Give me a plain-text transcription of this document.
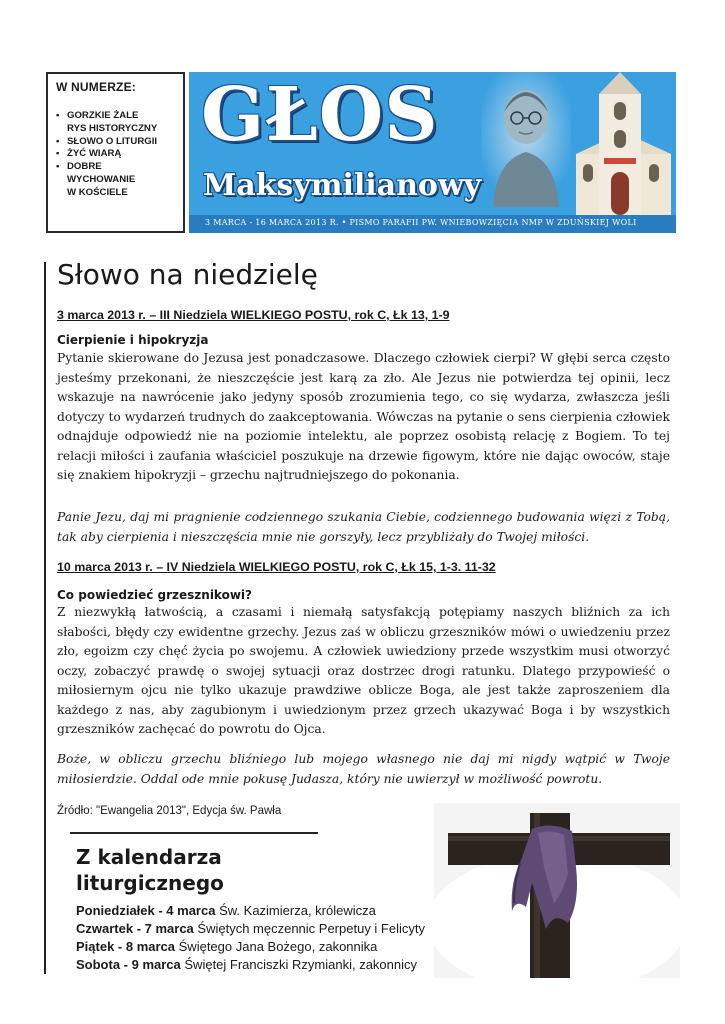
W NUMERZE:
• GORZKIE ŻALE
RYS HISTORYCZNY
• SŁOWO O LITURGII
• ŻYĆ WIARĄ
• DOBRE
WYCHOWANIE
W KOŚCIELE
GŁOS
Maksymilianowy
3 MARCA - 16 MARCA 2013 R. • PISMO PARAFII PW. WNIEBOWZIĘCIA NMP W ZDUŃSKIEJ WOLI
Słowo na niedzielę
3 marca 2013 r. – III Niedziela WIELKIEGO POSTU, rok C, Łk 13, 1-9
Cierpienie i hipokryzja

Pytanie skierowane do Jezusa jest ponadczasowe. Dlaczego człowiek cierpi? W głębi serca często jesteśmy przekonani, że nieszczęście jest karą za zło. Ale Jezus nie potwierdza tej opinii, lecz wskazuje na nawrócenie jako jedyny sposób zrozumienia tego, co się wydarza, zwłaszcza jeśli dotyczy to wydarzeń trudnych do zaakceptowania. Wówczas na pytanie o sens cierpienia człowiek odnajduje odpowiedź nie na poziomie intelektu, ale poprzez osobistą relację z Bogiem. To tej relacji miłości i zaufania właściciel poszukuje na drzewie figowym, które nie dając owoców, staje się znakiem hipokryzji – grzechu najtrudniejszego do pokonania.

Panie Jezu, daj mi pragnienie codziennego szukania Ciebie, codziennego budowania więzi z Tobą, tak aby cierpienia i nieszczęścia mnie nie gorszyły, lecz przybliżały do Twojej miłości.

10 marca 2013 r. – IV Niedziela WIELKIEGO POSTU, rok C, Łk 15, 1-3. 11-32
Co powiedzieć grzesznikowi?

Z niezwykłą łatwością, a czasami i niemałą satysfakcją potępiamy naszych bliźnich za ich słabości, błędy czy ewidentne grzechy. Jezus zaś w obliczu grzeszników mówi o uwiedzeniu przez zło, egoizm czy chęć życia po swojemu. A człowiek uwiedziony przede wszystkim musi otworzyć oczy, zobaczyć prawdę o swojej sytuacji oraz dostrzec drogi ratunku. Dlatego przypowieść o miłosiernym ojcu nie tylko ukazuje prawdziwe oblicze Boga, ale jest także zaproszeniem dla każdego z nas, aby zagubionym i uwiedzionym przez grzech ukazywać Boga i by wszystkich grzeszników zachęcać do powrotu do Ojca.

Boże, w obliczu grzechu bliźniego lub mojego własnego nie daj mi nigdy wątpić w Twoje miłosierdzie. Oddal ode mnie pokusę Judasza, który nie uwierzył w możliwość powrotu.

Źródło: "Ewangelia 2013", Edycja św. Pawła
Z kalendarza
liturgicznego
Poniedziałek - 4 marca Św. Kazimierza, królewicza
Czwartek - 7 marca Świętych męczennic Perpetuy i Felicyty
Piątek - 8 marca Świętego Jana Bożego, zakonnika
Sobota - 9 marca Świętej Franciszki Rzymianki, zakonnicy
